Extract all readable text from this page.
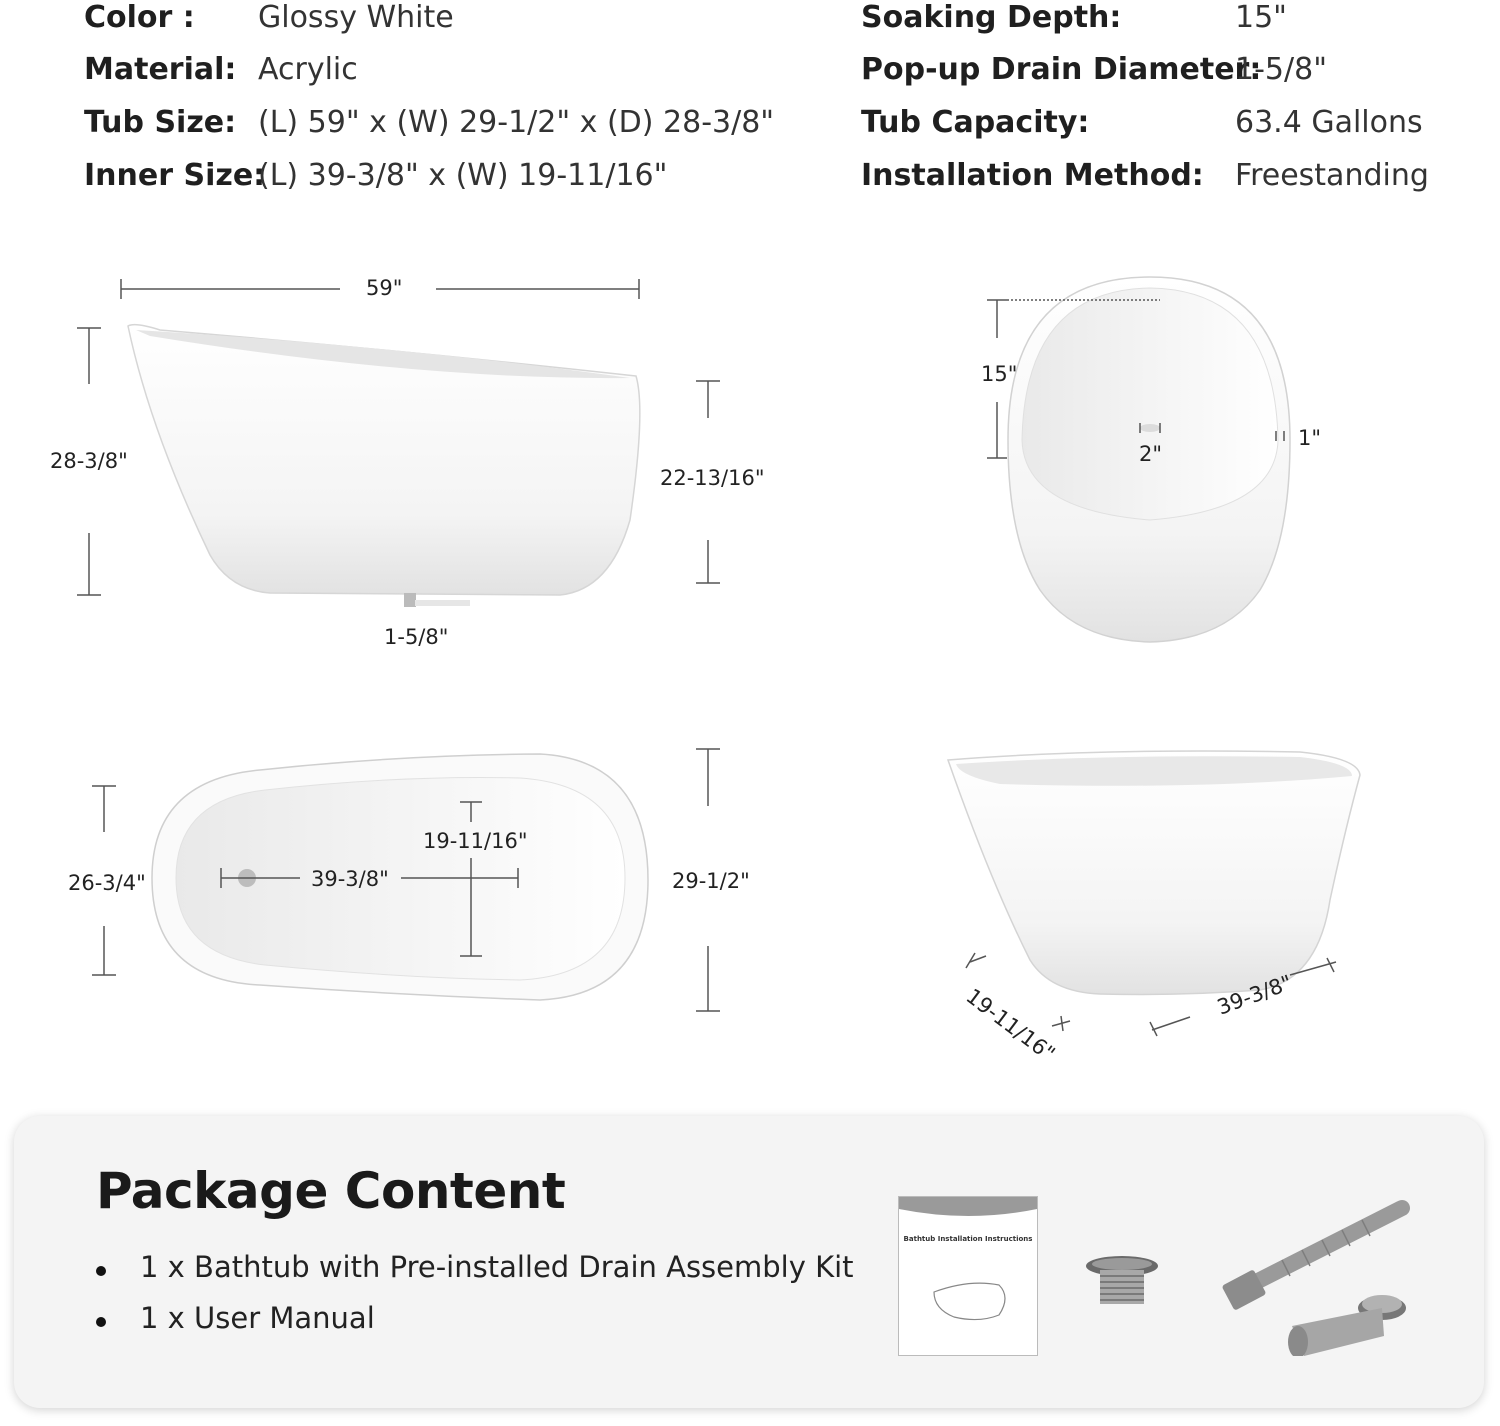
Color : Glossy White
Material: Acrylic
Tub Size: (L) 59" x (W) 29-1/2" x (D) 28-3/8"
Inner Size:
(L) 39-3/8" x (W) 19-11/16"
Soaking Depth:	15"
Pop-up Drain Diameter:
1-5/8"
Tub Capacity:	63.4 Gallons
Installation Method: Freestanding
59"
28-3/8"
22-13/16"
1-5/8"
15"
2"
1"
26-3/4"	39-3/8"
19-11/16"
29-1/2"
19-11/16"	39-3/8"
Package Content
1 x Bathtub with Pre-installed Drain Assembly Kit
1 x User Manual
Bathtub Installation Instructions
